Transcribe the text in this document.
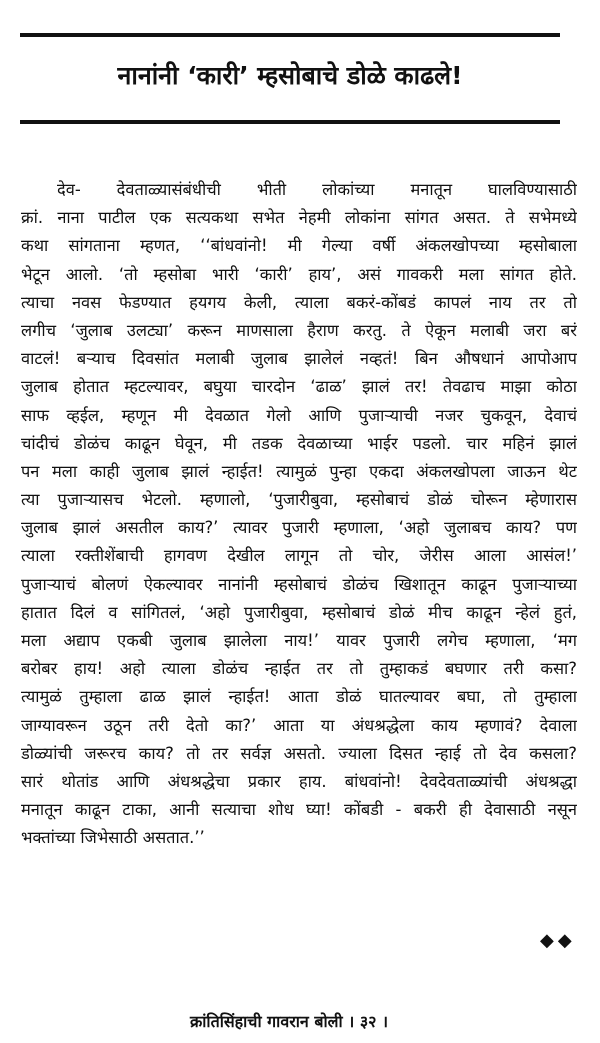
नानांनी ‘कारी’ म्हसोबाचे डोळे काढले!
देव- देवताळ्यासंबंधीची भीती लोकांच्या मनातून घालविण्यासाठी
क्रां. नाना पाटील एक सत्यकथा सभेत नेहमी लोकांना सांगत असत. ते सभेमध्ये
कथा सांगताना म्हणत, ‘‘बांधवांनो! मी गेल्या वर्षी अंकलखोपच्या म्हसोबाला
भेटून आलो. ‘तो म्हसोबा भारी ‘कारी’ हाय’, असं गावकरी मला सांगत होते.
त्याचा नवस फेडण्यात हयगय केली, त्याला बकरं-कोंबडं कापलं नाय तर तो
लगीच ‘जुलाब उलट्या’ करून माणसाला हैराण करतु. ते ऐकून मलाबी जरा बरं
वाटलं! बऱ्याच दिवसांत मलाबी जुलाब झालेलं नव्हतं! बिन औषधानं आपोआप
जुलाब होतात म्हटल्यावर, बघुया चारदोन ‘ढाळ’ झालं तर! तेवढाच माझा कोठा
साफ व्हईल, म्हणून मी देवळात गेलो आणि पुजाऱ्याची नजर चुकवून, देवाचं
चांदीचं डोळंच काढून घेवून, मी तडक देवळाच्या भाईर पडलो. चार महिनं झालं
पन मला काही जुलाब झालं न्हाईत! त्यामुळं पुन्हा एकदा अंकलखोपला जाऊन थेट
त्या पुजाऱ्यासच भेटलो. म्हणालो, ‘पुजारीबुवा, म्हसोबाचं डोळं चोरून म्हेणारास
जुलाब झालं असतील काय?’ त्यावर पुजारी म्हणाला, ‘अहो जुलाबच काय? पण
त्याला रक्तीशेंबाची हागवण देखील लागून तो चोर, जेरीस आला आसंल!’
पुजाऱ्याचं बोलणं ऐकल्यावर नानांनी म्हसोबाचं डोळंच खिशातून काढून पुजाऱ्याच्या
हातात दिलं व सांगितलं, ‘अहो पुजारीबुवा, म्हसोबाचं डोळं मीच काढून न्हेलं हुतं,
मला अद्याप एकबी जुलाब झालेला नाय!’ यावर पुजारी लगेच म्हणाला, ‘मग
बरोबर हाय! अहो त्याला डोळंच न्हाईत तर तो तुम्हाकडं बघणार तरी कसा?
त्यामुळं तुम्हाला ढाळ झालं न्हाईत! आता डोळं घातल्यावर बघा, तो तुम्हाला
जाग्यावरून उठून तरी देतो का?’ आता या अंधश्रद्धेला काय म्हणावं? देवाला
डोळ्यांची जरूरच काय? तो तर सर्वज्ञ असतो. ज्याला दिसत न्हाई तो देव कसला?
सारं थोतांड आणि अंधश्रद्धेचा प्रकार हाय. बांधवांनो! देवदेवताळ्यांची अंधश्रद्धा
मनातून काढून टाका, आनी सत्याचा शोध घ्या! कोंबडी - बकरी ही देवासाठी नसून
भक्तांच्या जिभेसाठी असतात.’’
◆◆
क्रांतिसिंहाची गावरान बोली । ३२ ।
